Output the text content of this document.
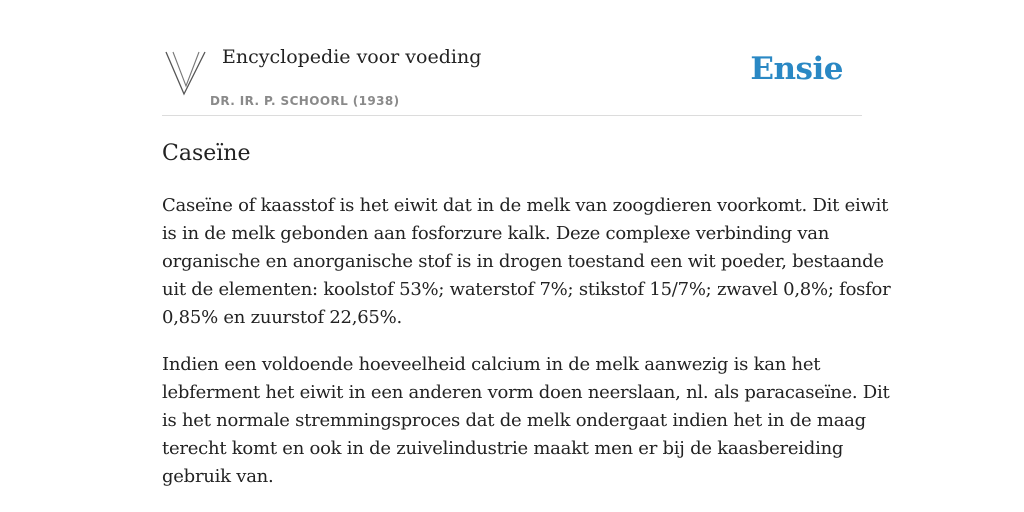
Encyclopedie voor voeding
DR. IR. P. SCHOORL (1938)
Ensie
Caseïne

Caseïne of kaasstof is het eiwit dat in de melk van zoogdieren voorkomt. Dit eiwit
is in de melk gebonden aan fosforzure kalk. Deze complexe verbinding van
organische en anorganische stof is in drogen toestand een wit poeder, bestaande
uit de elementen: koolstof 53%; waterstof 7%; stikstof 15/7%; zwavel 0,8%; fosfor
0,85% en zuurstof 22,65%.

Indien een voldoende hoeveelheid calcium in de melk aanwezig is kan het
lebferment het eiwit in een anderen vorm doen neerslaan, nl. als paracaseïne. Dit
is het normale stremmingsproces dat de melk ondergaat indien het in de maag
terecht komt en ook in de zuivelindustrie maakt men er bij de kaasbereiding
gebruik van.
